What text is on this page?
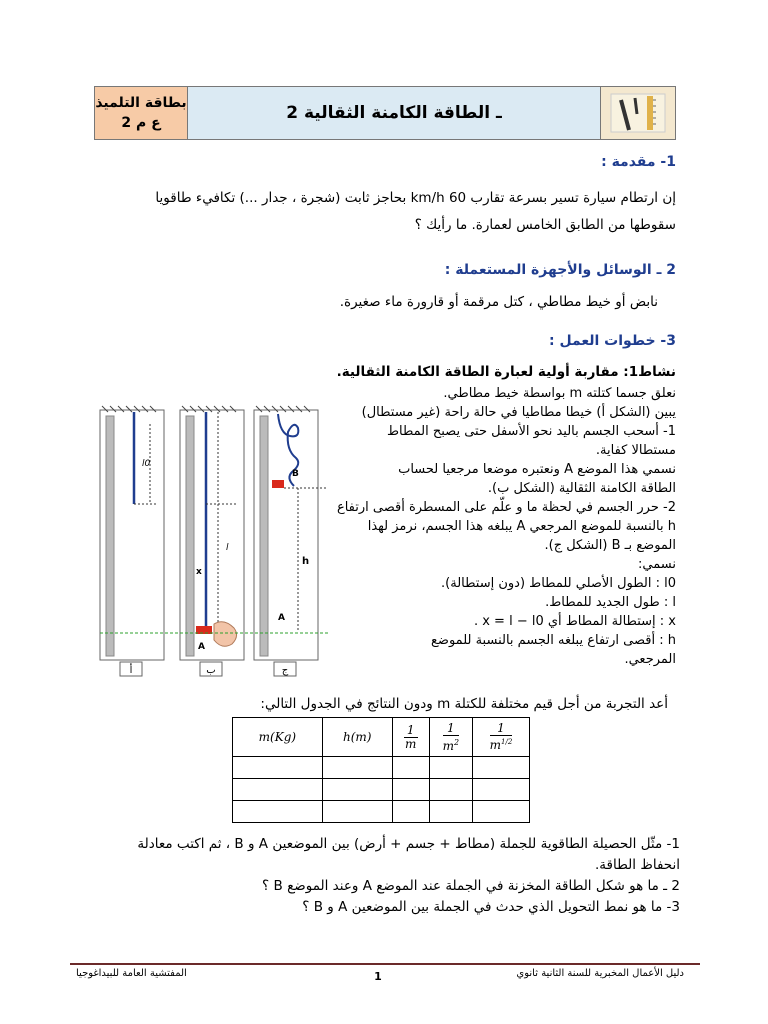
بطاقة التلميذ
ع م 2	2 ـ الطاقة الكامنة الثقالية
1- مقدمة :
إن ارتطام سيارة تسير بسرعة تقارب 60 km/h بحاجز ثابت (شجرة ، جدار ...) تكافيء طاقويا
سقوطها من الطابق الخامس لعمارة. ما رأيك ؟
2 ـ الوسائل والأجهزة المستعملة :
نابض أو خيط مطاطي ، كتل مرقمة أو قارورة ماء صغيرة.
3- خطوات العمل :
نشاط1: مقاربة أولية لعبارة الطاقة الكامنة الثقالية.
نعلق جسما كتلته m بواسطة خيط مطاطي.
يبين (الشكل أ) خيطا مطاطيا في حالة راحة (غير مستطال)
1- أسحب الجسم باليد نحو الأسفل حتى يصبح المطاط
مستطالا كفاية.
نسمي هذا الموضع A ونعتبره موضعا مرجعيا لحساب
الطاقة الكامنة الثقالية (الشكل ب).
2- حرر الجسم في لحظة ما و علّم على المسطرة أقصى ارتفاع
h بالنسبة للموضع المرجعي A يبلغه هذا الجسم، نرمز لهذا
الموضع بـ B (الشكل ج).
نسمي:
l0 : الطول الأصلي للمطاط (دون إستطالة).
l : طول الجديد للمطاط.
x : إستطالة المطاط أي x = l − l0 .
h : أقصى ارتفاع يبلغه الجسم بالنسبة للموضع
المرجعي.
l0
l
x
A
B
h
A
أ	ب	ج
أعد التجربة من أجل قيم مختلفة للكتلة m ودون النتائج في الجدول التالي:
m(Kg)	h(m)	$\frac{1}{m}$	$\frac{1}{m^2}$	$\frac{1}{m^{1/2}}$

1- مثّل الحصيلة الطاقوية للجملة (مطاط + جسم + أرض) بين الموضعين A و B ، ثم اكتب معادلة
انحفاظ الطاقة.
2 ـ ما هو شكل الطاقة المخزنة في الجملة عند الموضع A وعند الموضع B ؟
3- ما هو نمط التحويل الذي حدث في الجملة بين الموضعين A و B ؟
دليل الأعمال المخبرية للسنة الثانية ثانوي
1
المفتشية العامة للبيداغوجيا
